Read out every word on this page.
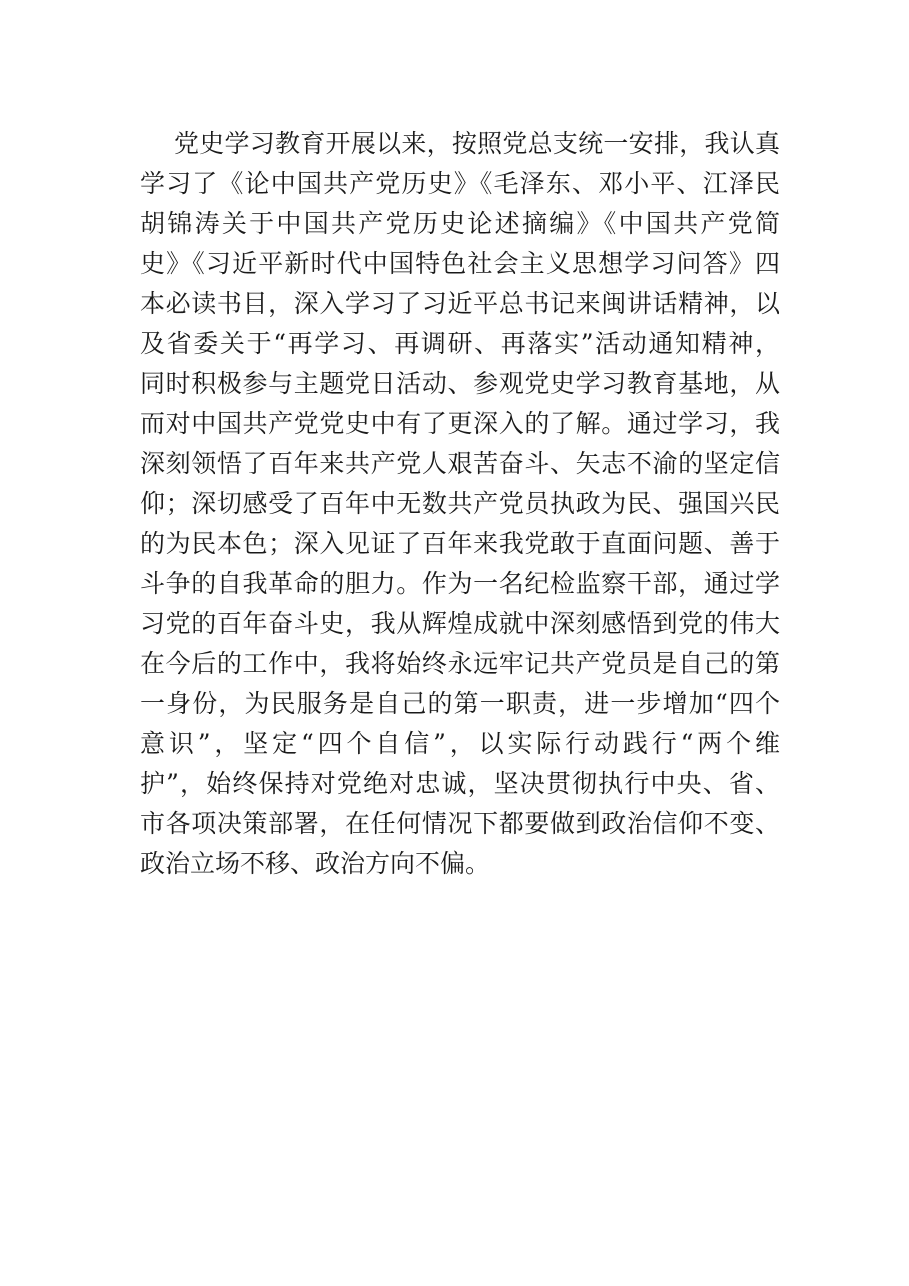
党史学习教育开展以来，按照党总支统一安排，我认真
学习了《论中国共产党历史》《毛泽东、邓小平、江泽民
胡锦涛关于中国共产党历史论述摘编》《中国共产党简
史》《习近平新时代中国特色社会主义思想学习问答》四
本必读书目，深入学习了习近平总书记来闽讲话精神，以
及省委关于“再学习、再调研、再落实”活动通知精神，
同时积极参与主题党日活动、参观党史学习教育基地，从
而对中国共产党党史中有了更深入的了解。通过学习，我
深刻领悟了百年来共产党人艰苦奋斗、矢志不渝的坚定信
仰；深切感受了百年中无数共产党员执政为民、强国兴民
的为民本色；深入见证了百年来我党敢于直面问题、善于
斗争的自我革命的胆力。作为一名纪检监察干部，通过学
习党的百年奋斗史，我从辉煌成就中深刻感悟到党的伟大
在今后的工作中，我将始终永远牢记共产党员是自己的第
一身份，为民服务是自己的第一职责，进一步增加“四个
意识”，坚定“四个自信”，以实际行动践行“两个维
护”，始终保持对党绝对忠诚，坚决贯彻执行中央、省、
市各项决策部署，在任何情况下都要做到政治信仰不变、
政治立场不移、政治方向不偏。
